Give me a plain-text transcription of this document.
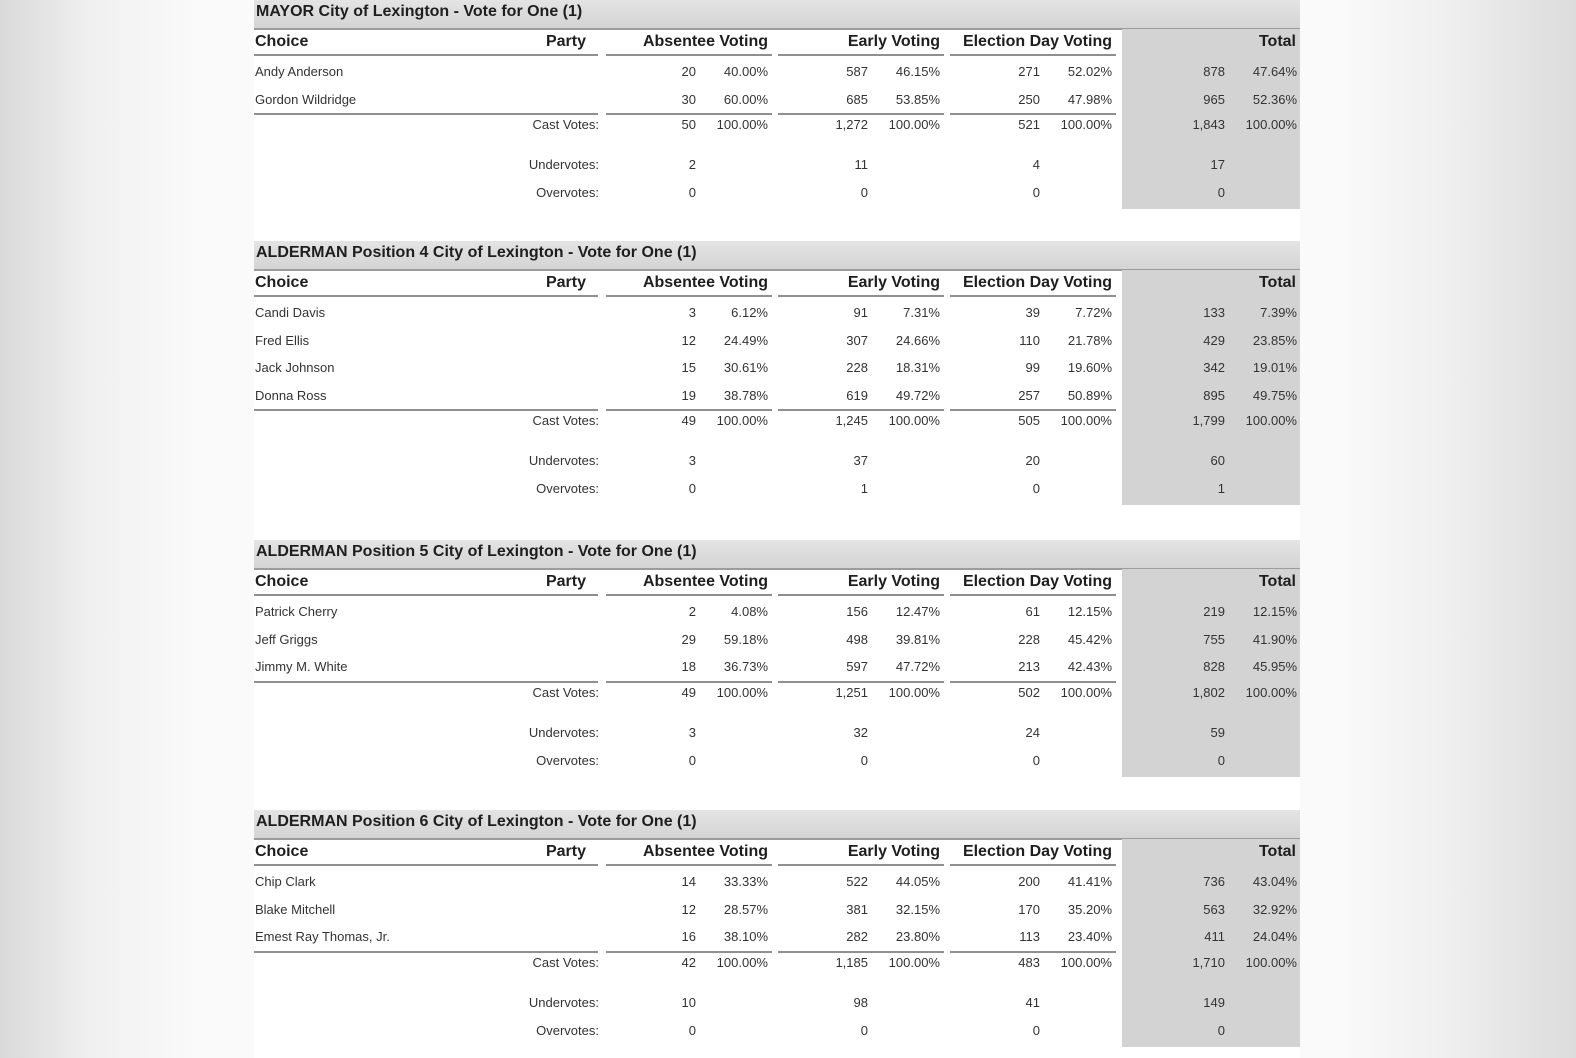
MAYOR City of Lexington - Vote for One (1)
Choice	Party	Absentee Voting	Early Voting	Election Day Voting	Total
Andy Anderson	20	40.00%	587	46.15%	271	52.02%	878	47.64%
Gordon Wildridge	30	60.00%	685	53.85%	250	47.98%	965	52.36%
Cast Votes:	50	100.00%	1,272	100.00%	521	100.00%	1,843	100.00%
Undervotes:	2	11	4	17
Overvotes:	0	0	0	0
ALDERMAN Position 4 City of Lexington - Vote for One (1)
Choice	Party	Absentee Voting	Early Voting	Election Day Voting	Total
Candi Davis	3	6.12%	91	7.31%	39	7.72%	133	7.39%
Fred Ellis	12	24.49%	307	24.66%	110	21.78%	429	23.85%
Jack Johnson	15	30.61%	228	18.31%	99	19.60%	342	19.01%
Donna Ross	19	38.78%	619	49.72%	257	50.89%	895	49.75%
Cast Votes:	49	100.00%	1,245	100.00%	505	100.00%	1,799	100.00%
Undervotes:	3	37	20	60
Overvotes:	0	1	0	1
ALDERMAN Position 5 City of Lexington - Vote for One (1)
Choice	Party	Absentee Voting	Early Voting	Election Day Voting	Total
Patrick Cherry	2	4.08%	156	12.47%	61	12.15%	219	12.15%
Jeff Griggs	29	59.18%	498	39.81%	228	45.42%	755	41.90%
Jimmy M. White	18	36.73%	597	47.72%	213	42.43%	828	45.95%
Cast Votes:	49	100.00%	1,251	100.00%	502	100.00%	1,802	100.00%
Undervotes:	3	32	24	59
Overvotes:	0	0	0	0
ALDERMAN Position 6 City of Lexington - Vote for One (1)
Choice	Party	Absentee Voting	Early Voting	Election Day Voting	Total
Chip Clark	14	33.33%	522	44.05%	200	41.41%	736	43.04%
Blake Mitchell	12	28.57%	381	32.15%	170	35.20%	563	32.92%
Emest Ray Thomas, Jr.	16	38.10%	282	23.80%	113	23.40%	411	24.04%
Cast Votes:	42	100.00%	1,185	100.00%	483	100.00%	1,710	100.00%
Undervotes:	10	98	41	149
Overvotes:	0	0	0	0
